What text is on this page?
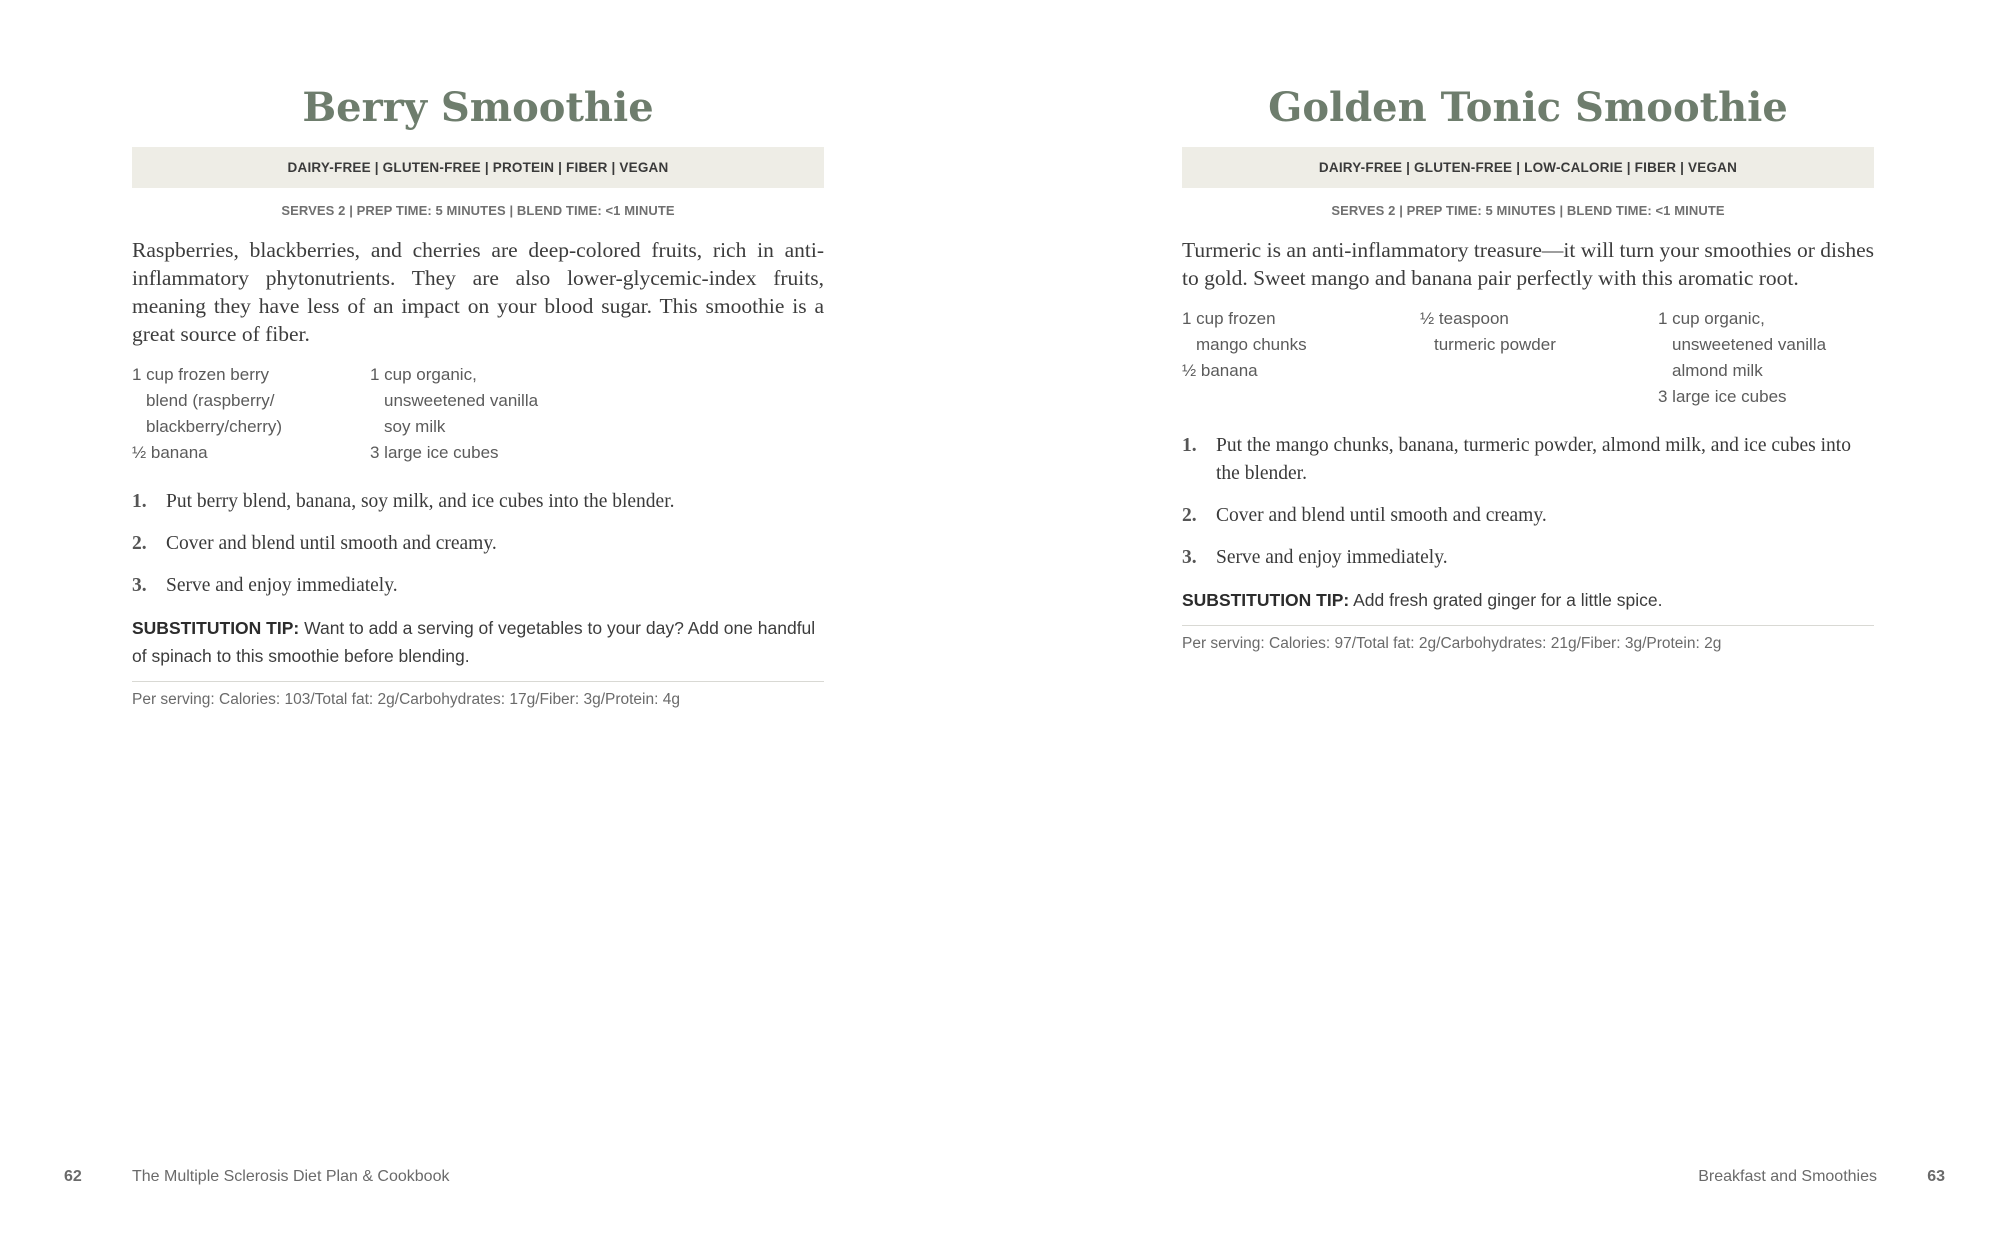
Berry Smoothie
DAIRY-FREE | GLUTEN-FREE | PROTEIN | FIBER | VEGAN
SERVES 2 | PREP TIME: 5 MINUTES | BLEND TIME: <1 MINUTE
Raspberries, blackberries, and cherries are deep-colored fruits, rich in anti-inflammatory phytonutrients. They are also lower-glycemic-index fruits, meaning they have less of an impact on your blood sugar. This smoothie is a great source of fiber.
1 cup frozen berry
blend (raspberry/
blackberry/cherry)
½ banana
1 cup organic,
unsweetened vanilla
soy milk
3 large ice cubes
1. Put berry blend, banana, soy milk, and ice cubes into the blender.
2. Cover and blend until smooth and creamy.
3. Serve and enjoy immediately.
SUBSTITUTION TIP: Want to add a serving of vegetables to your day? Add one handful of spinach to this smoothie before blending.
Per serving: Calories: 103/Total fat: 2g/Carbohydrates: 17g/Fiber: 3g/Protein: 4g
62	The Multiple Sclerosis Diet Plan & Cookbook
Golden Tonic Smoothie
DAIRY-FREE | GLUTEN-FREE | LOW-CALORIE | FIBER | VEGAN
SERVES 2 | PREP TIME: 5 MINUTES | BLEND TIME: <1 MINUTE
Turmeric is an anti-inflammatory treasure—it will turn your smoothies or dishes to gold. Sweet mango and banana pair perfectly with this aromatic root.
1 cup frozen
mango chunks
½ banana
½ teaspoon
turmeric powder
1 cup organic,
unsweetened vanilla
almond milk
3 large ice cubes
1. Put the mango chunks, banana, turmeric powder, almond milk, and ice cubes into the blender.
2. Cover and blend until smooth and creamy.
3. Serve and enjoy immediately.
SUBSTITUTION TIP: Add fresh grated ginger for a little spice.
Per serving: Calories: 97/Total fat: 2g/Carbohydrates: 21g/Fiber: 3g/Protein: 2g
Breakfast and Smoothies	63
